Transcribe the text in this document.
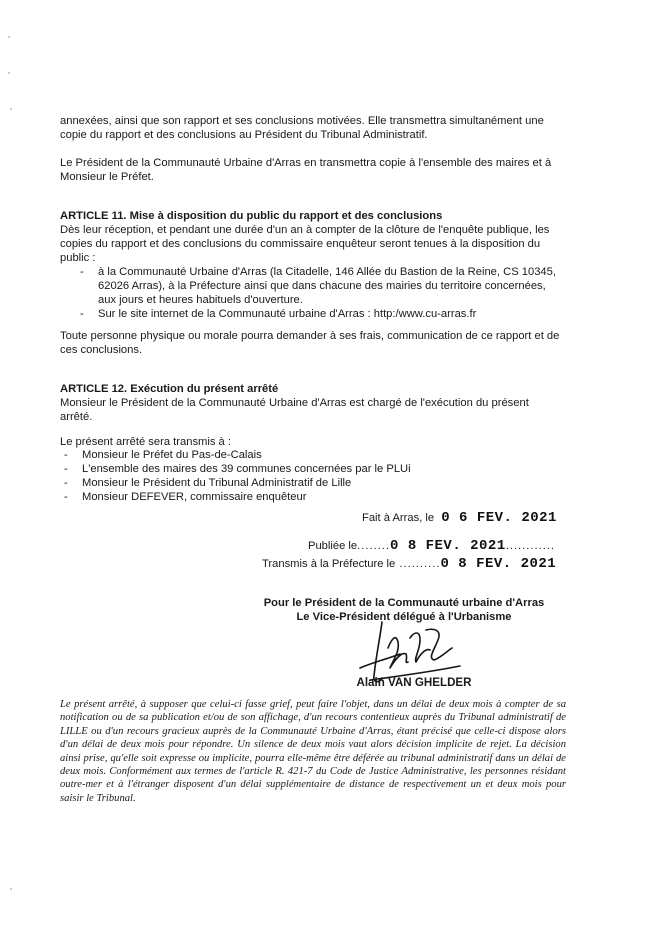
annexées, ainsi que son rapport et ses conclusions motivées. Elle transmettra simultanément une copie du rapport et des conclusions au Président du Tribunal Administratif.

Le Président de la Communauté Urbaine d'Arras en transmettra copie à l'ensemble des maires et à Monsieur le Préfet.

ARTICLE 11. Mise à disposition du public du rapport et des conclusions

Dès leur réception, et pendant une durée d'un an à compter de la clôture de l'enquête publique, les copies du rapport et des conclusions du commissaire enquêteur seront tenues à la disposition du public :

- à la Communauté Urbaine d'Arras (la Citadelle, 146 Allée du Bastion de la Reine, CS 10345, 62026 Arras), à la Préfecture ainsi que dans chacune des mairies du territoire concernées, aux jours et heures habituels d'ouverture.
- Sur le site internet de la Communauté urbaine d'Arras : http:/www.cu-arras.fr

Toute personne physique ou morale pourra demander à ses frais, communication de ce rapport et de ces conclusions.

ARTICLE 12. Exécution du présent arrêté

Monsieur le Président de la Communauté Urbaine d'Arras est chargé de l'exécution du présent arrêté.

Le présent arrêté sera transmis à :

- Monsieur le Préfet du Pas-de-Calais
- L'ensemble des maires des 39 communes concernées par le PLUi
- Monsieur le Président du Tribunal Administratif de Lille
- Monsieur DEFEVER, commissaire enquêteur
Fait à Arras, le 0 6 FEV. 2021
Publiée le........0 8 FEV. 2021............
Transmis à la Préfecture le ..........0 8 FEV. 2021
Pour le Président de la Communauté urbaine d'Arras
Le Vice-Président délégué à l'Urbanisme
Alain VAN GHELDER

Le présent arrêté, à supposer que celui-ci fasse grief, peut faire l'objet, dans un délai de deux mois à compter de sa notification ou de sa publication et/ou de son affichage, d'un recours contentieux auprès du Tribunal administratif de LILLE ou d'un recours gracieux auprès de la Communauté Urbaine d'Arras, étant précisé que celle-ci dispose alors d'un délai de deux mois pour répondre. Un silence de deux mois vaut alors décision implicite de rejet. La décision ainsi prise, qu'elle soit expresse ou implicite, pourra elle-même être déférée au tribunal administratif dans un délai de deux mois. Conformément aux termes de l'article R. 421-7 du Code de Justice Administrative, les personnes résidant outre-mer et à l'étranger disposent d'un délai supplémentaire de distance de respectivement un et deux mois pour saisir le Tribunal.
